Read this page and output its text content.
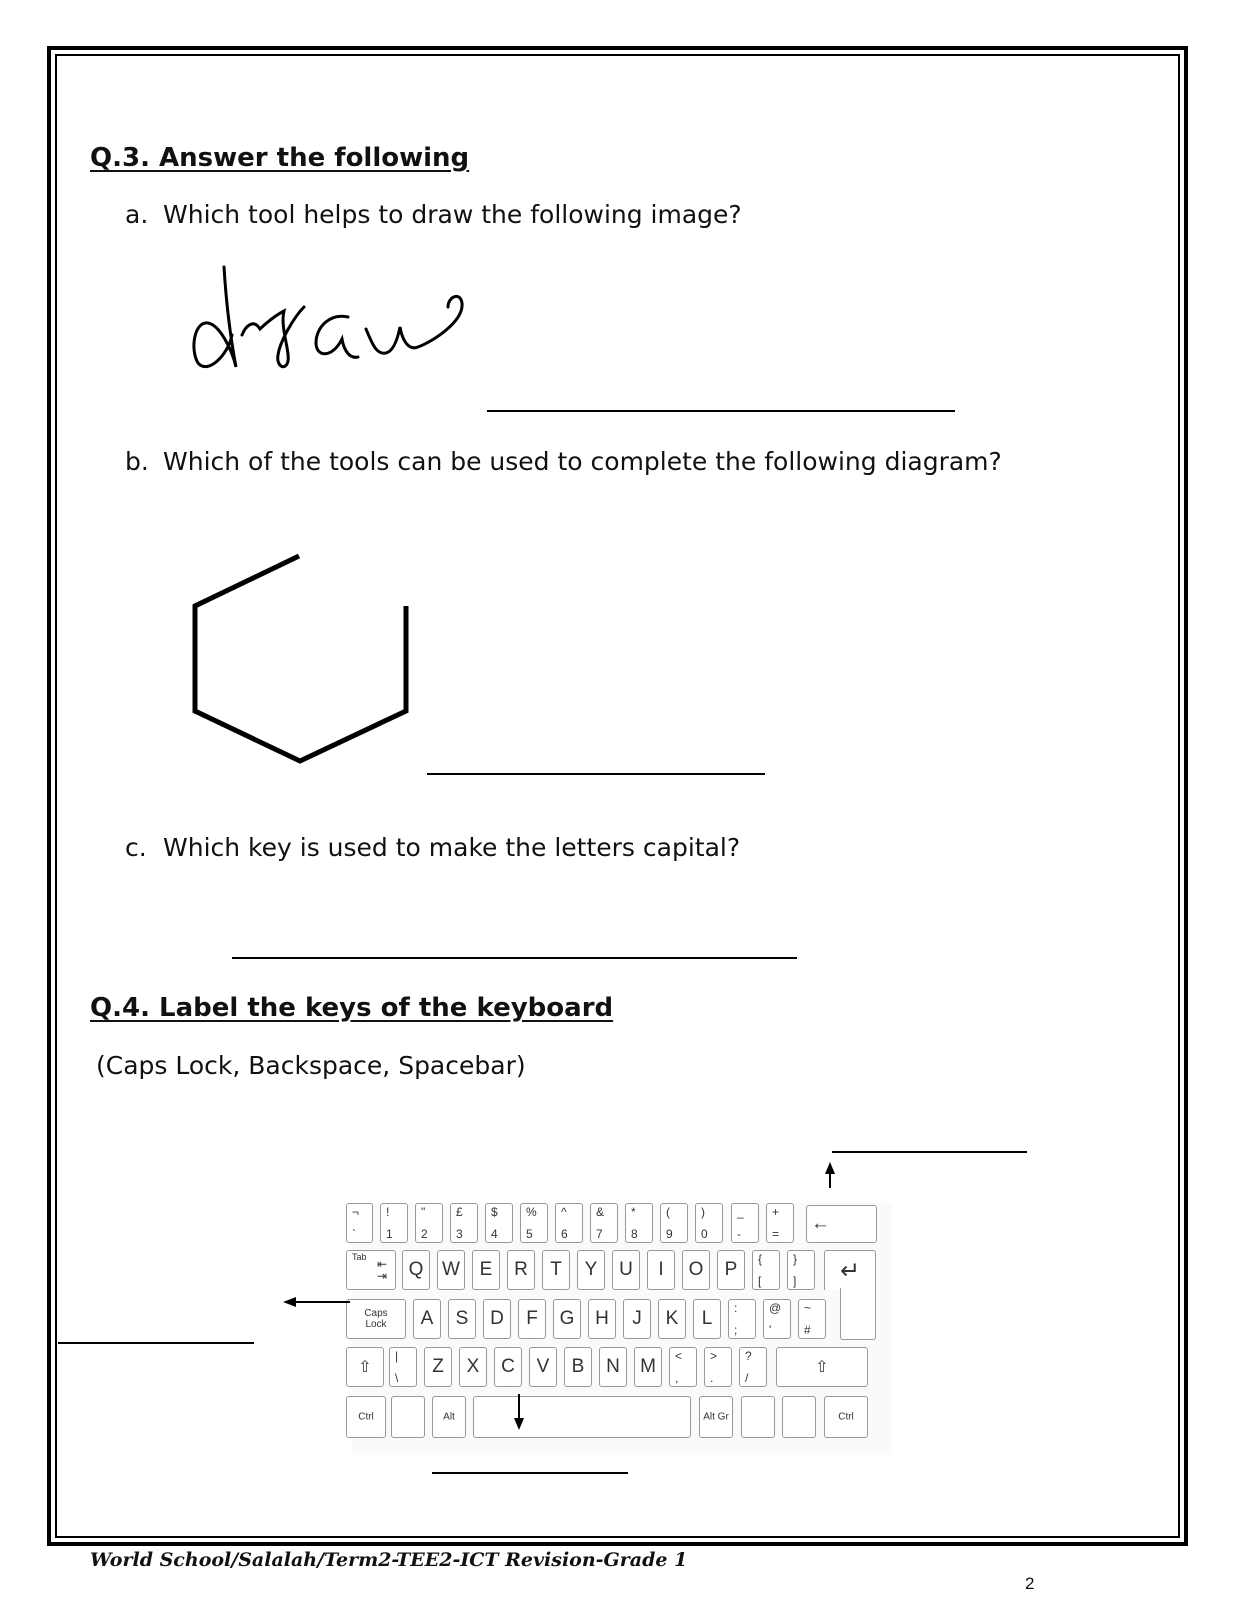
Q.3. Answer the following
a. Which tool helps to draw the following image?
b. Which of the tools can be used to complete the following diagram?
c. Which key is used to make the letters capital?
Q.4. Label the keys of the keyboard
(Caps Lock, Backspace, Spacebar)
¬
`
!
1
"
2
£
3
$
4
%
5
^
6
&
7
*
8
(
9
)
0
_
-
+
= ←
Tab ⇤
⇥	Q W	E	R	T	Y	U	I	O	P	{
[
}
]	↵
Caps
Lock	A	S	D	F	G	H	J	K	L	:
;
@
'
~
#
⇧
|
\
Z	X	C	V	B	N	M	<
,
>
.
?
/
⇧
Ctrl	Alt	Alt Gr	Ctrl
World School/Salalah/Term2-TEE2-ICT Revision-Grade 1
2
